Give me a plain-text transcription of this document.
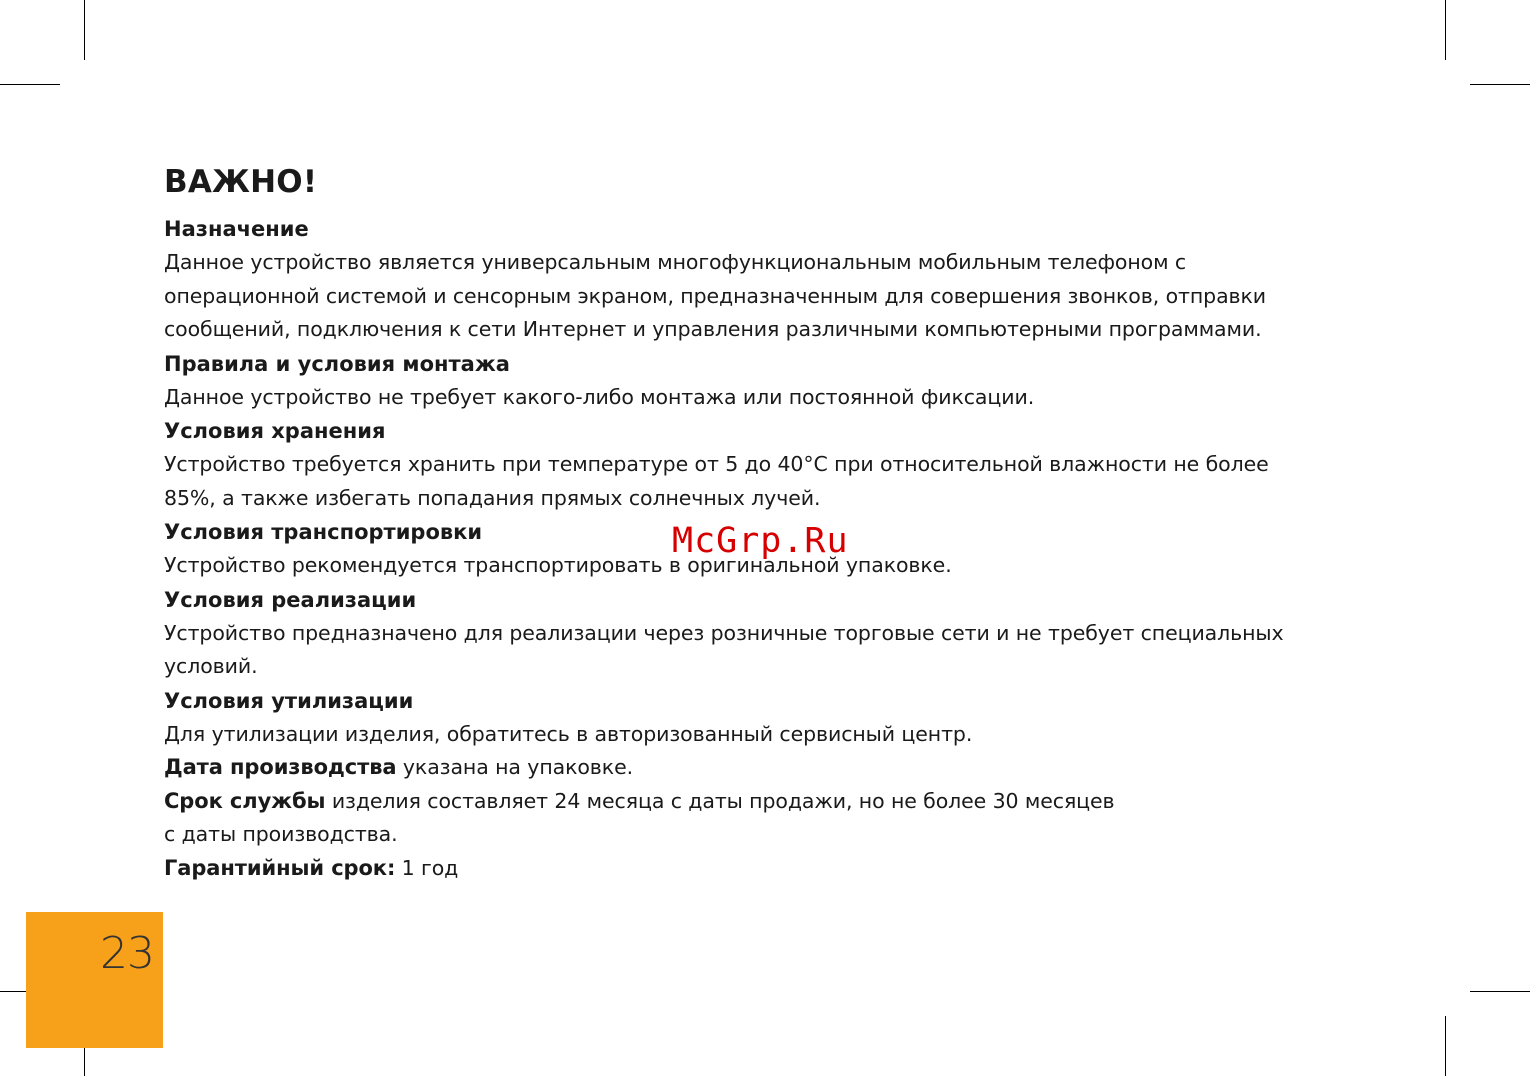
ВАЖНО!
Назначение
Данное устройство является универсальным многофункциональным мобильным телефоном с
операционной системой и сенсорным экраном, предназначенным для совершения звонков, отправки
сообщений, подключения к сети Интернет и управления различными компьютерными программами.
Правила и условия монтажа
Данное устройство не требует какого-либо монтажа или постоянной фиксации.
Условия хранения
Устройство требуется хранить при температуре от 5 до 40°С при относительной влажности не более
85%, а также избегать попадания прямых солнечных лучей.
Условия транспортировки
Устройство рекомендуется транспортировать в оригинальной упаковке.
Условия реализации
Устройство предназначено для реализации через розничные торговые сети и не требует специальных
условий.
Условия утилизации
Для утилизации изделия, обратитесь в авторизованный сервисный центр.
Дата производства указана на упаковке.
Срок службы изделия составляет 24 месяца с даты продажи, но не более 30 месяцев
с даты производства.
Гарантийный срок: 1 год
McGrp.Ru
23
